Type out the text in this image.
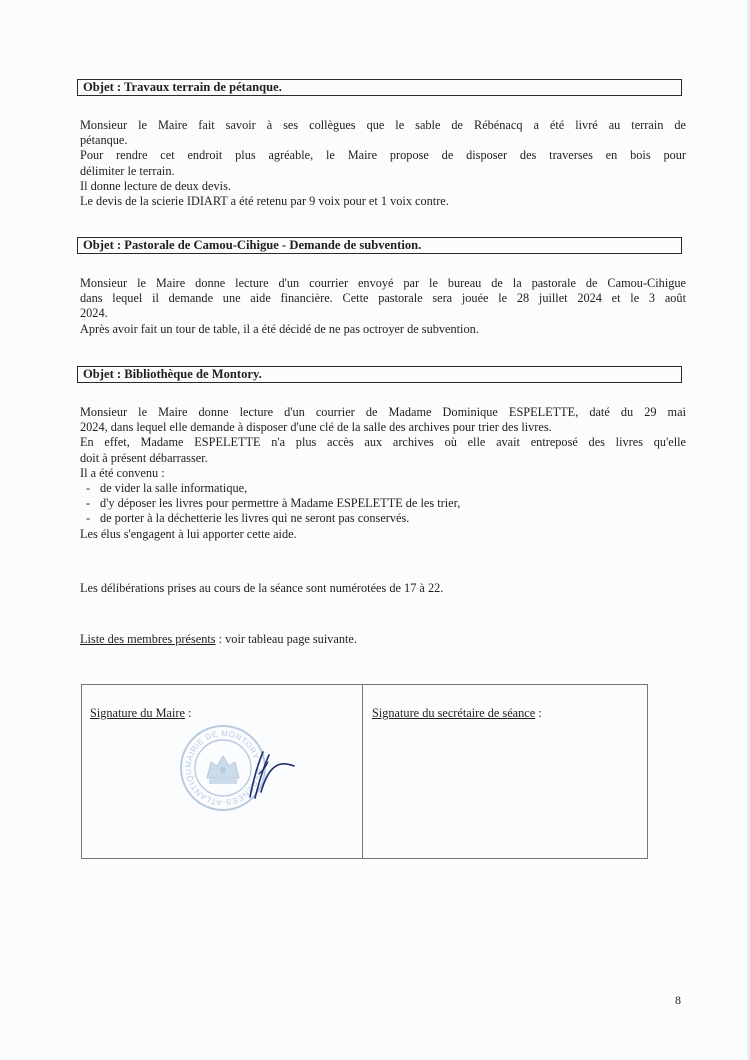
Objet : Travaux terrain de pétanque.
Monsieur le Maire fait savoir à ses collègues que le sable de Rébénacq a été livré au terrain de
pétanque.
Pour rendre cet endroit plus agréable, le Maire propose de disposer des traverses en bois pour
délimiter le terrain.
Il donne lecture de deux devis.
Le devis de la scierie IDIART a été retenu par 9 voix pour et 1 voix contre.
Objet : Pastorale de Camou-Cihigue - Demande de subvention.
Monsieur le Maire donne lecture d'un courrier envoyé par le bureau de la pastorale de Camou-Cihigue
dans lequel il demande une aide financière. Cette pastorale sera jouée le 28 juillet 2024 et le 3 août
2024.
Après avoir fait un tour de table, il a été décidé de ne pas octroyer de subvention.
Objet : Bibliothèque de Montory.
Monsieur le Maire donne lecture d'un courrier de Madame Dominique ESPELETTE, daté du 29 mai
2024, dans lequel elle demande à disposer d'une clé de la salle des archives pour trier des livres.
En effet, Madame ESPELETTE n'a plus accès aux archives où elle avait entreposé des livres qu'elle
doit à présent débarrasser.
Il a été convenu :
- de vider la salle informatique,
- d'y déposer les livres pour permettre à Madame ESPELETTE de les trier,
- de porter à la déchetterie les livres qui ne seront pas conservés.
Les élus s'engagent à lui apporter cette aide.
Les délibérations prises au cours de la séance sont numérotées de 17 à 22.
Liste des membres présents : voir tableau page suivante.
Signature du Maire :	Signature du secrétaire de séance :
MAIRIE DE MONTORY · PYRÉNÉES-ATLANTIQU
8
